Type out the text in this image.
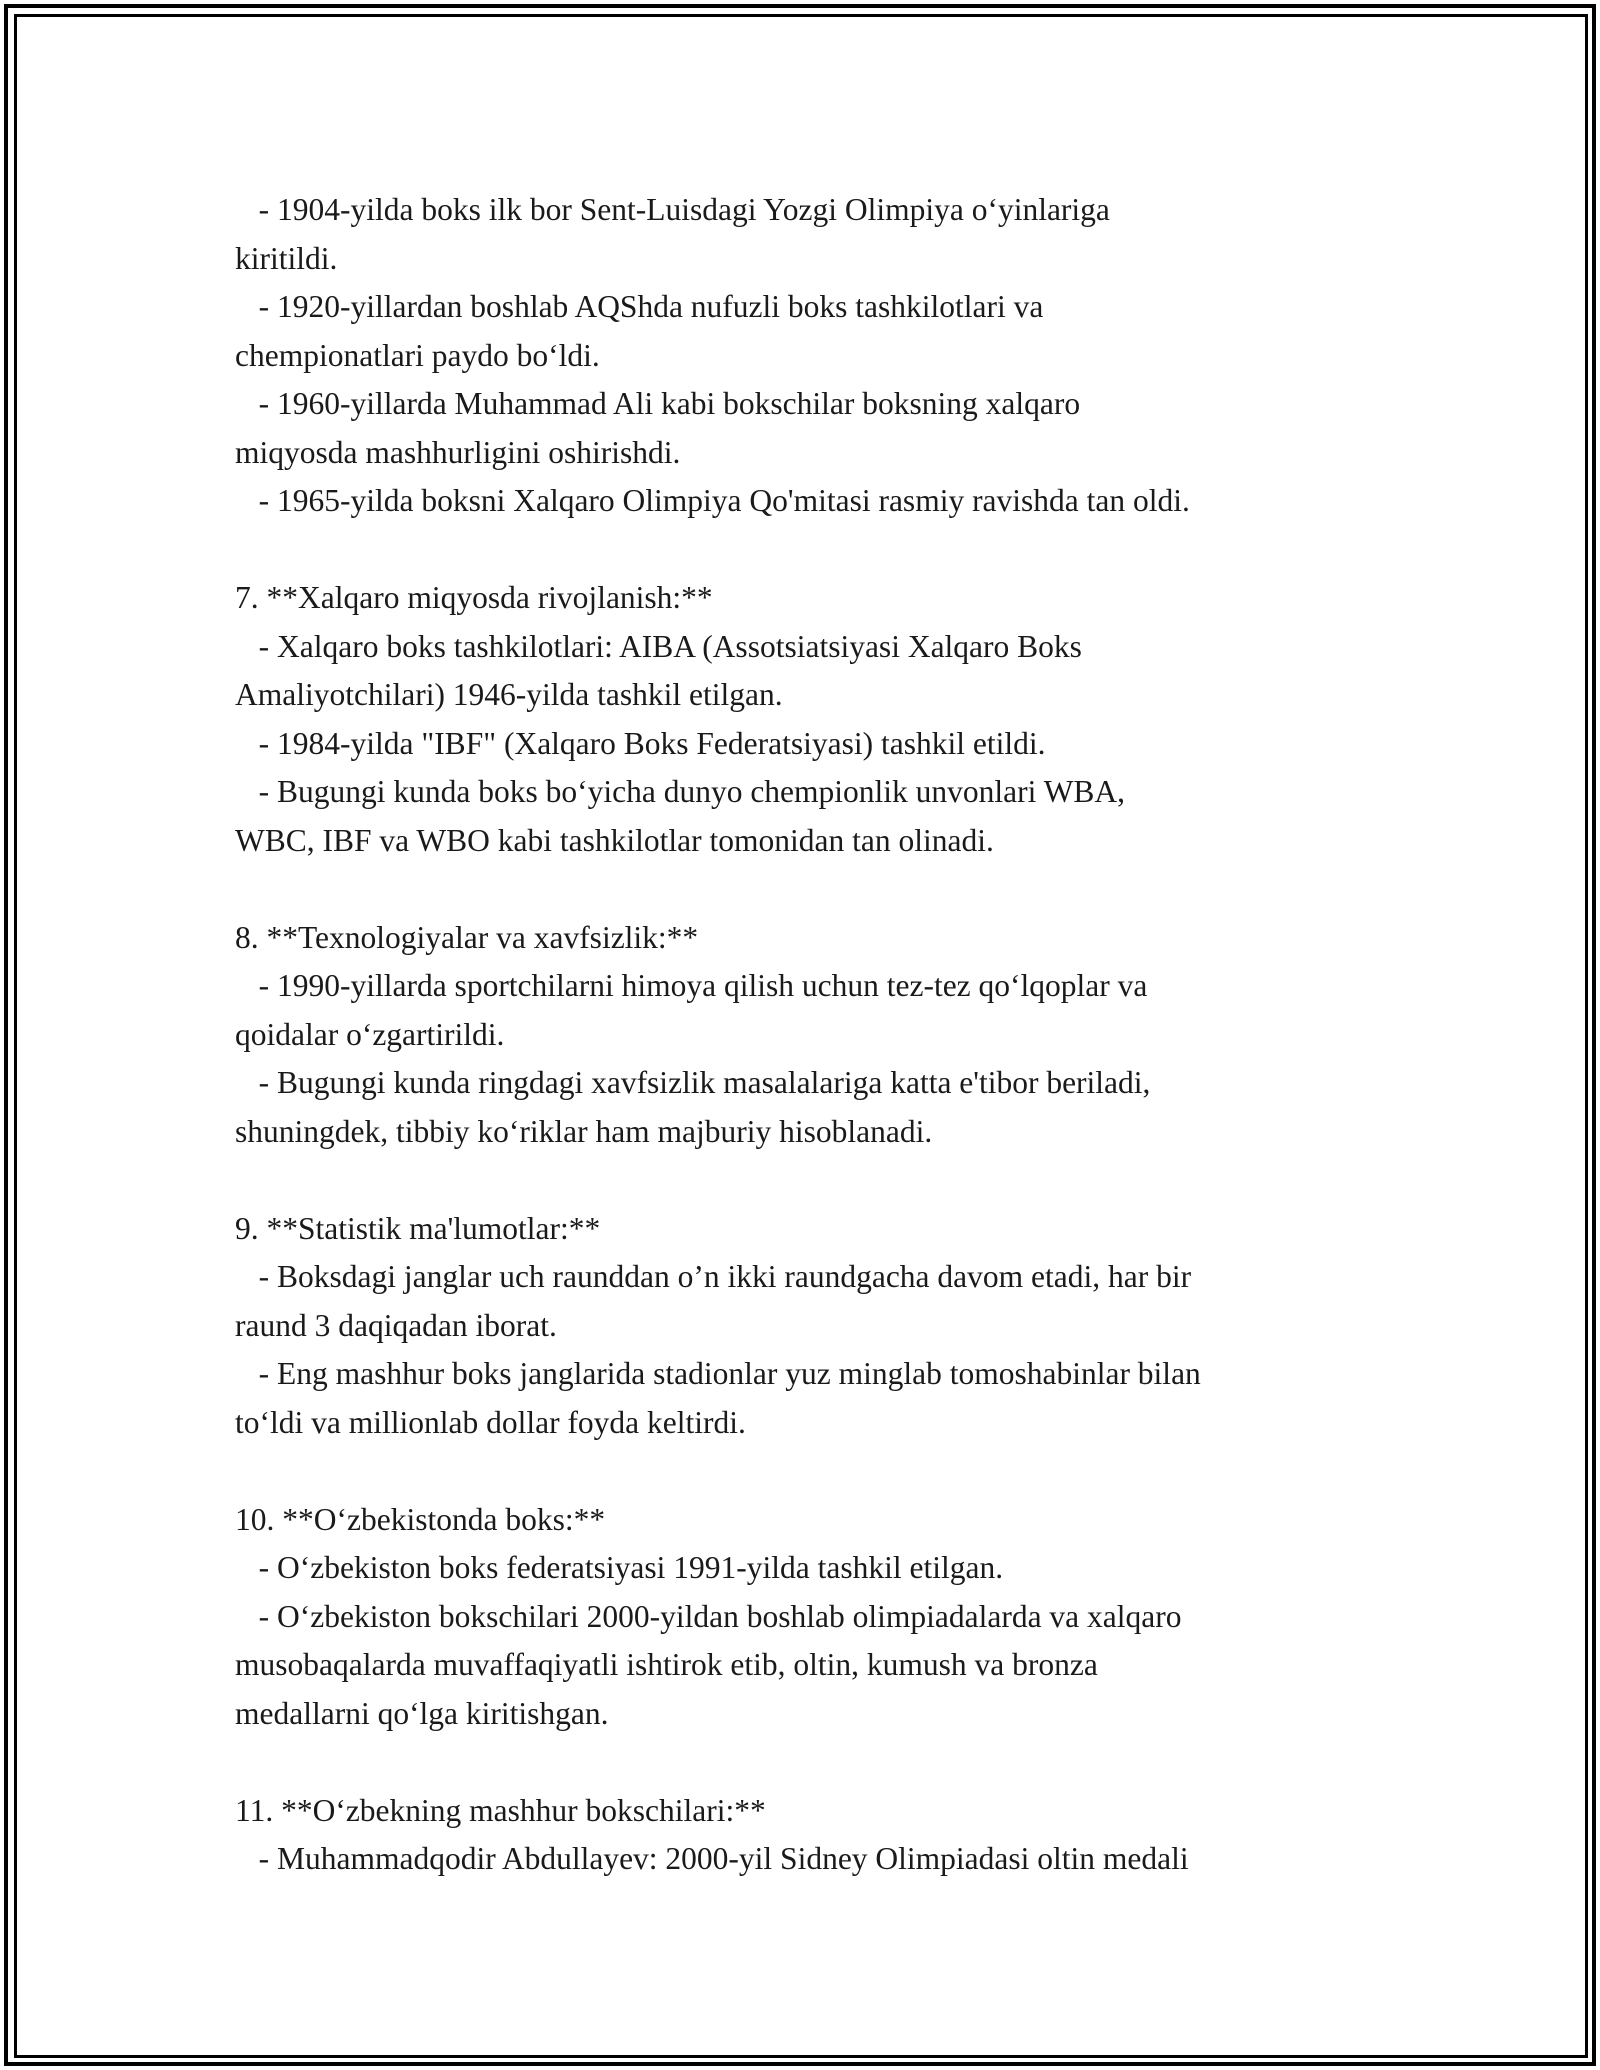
- 1904-yilda boks ilk bor Sent-Luisdagi Yozgi Olimpiya o‘yinlariga
kiritildi.
- 1920-yillardan boshlab AQShda nufuzli boks tashkilotlari va
chempionatlari paydo bo‘ldi.
- 1960-yillarda Muhammad Ali kabi bokschilar boksning xalqaro
miqyosda mashhurligini oshirishdi.
- 1965-yilda boksni Xalqaro Olimpiya Qo'mitasi rasmiy ravishda tan oldi.
7. **Xalqaro miqyosda rivojlanish:**
- Xalqaro boks tashkilotlari: AIBA (Assotsiatsiyasi Xalqaro Boks
Amaliyotchilari) 1946-yilda tashkil etilgan.
- 1984-yilda "IBF" (Xalqaro Boks Federatsiyasi) tashkil etildi.
- Bugungi kunda boks bo‘yicha dunyo chempionlik unvonlari WBA,
WBC, IBF va WBO kabi tashkilotlar tomonidan tan olinadi.
8. **Texnologiyalar va xavfsizlik:**
- 1990-yillarda sportchilarni himoya qilish uchun tez-tez qo‘lqoplar va
qoidalar o‘zgartirildi.
- Bugungi kunda ringdagi xavfsizlik masalalariga katta e'tibor beriladi,
shuningdek, tibbiy ko‘riklar ham majburiy hisoblanadi.
9. **Statistik ma'lumotlar:**
- Boksdagi janglar uch raunddan o’n ikki raundgacha davom etadi, har bir
raund 3 daqiqadan iborat.
- Eng mashhur boks janglarida stadionlar yuz minglab tomoshabinlar bilan
to‘ldi va millionlab dollar foyda keltirdi.
10. **O‘zbekistonda boks:**
- O‘zbekiston boks federatsiyasi 1991-yilda tashkil etilgan.
- O‘zbekiston bokschilari 2000-yildan boshlab olimpiadalarda va xalqaro
musobaqalarda muvaffaqiyatli ishtirok etib, oltin, kumush va bronza
medallarni qo‘lga kiritishgan.
11. **O‘zbekning mashhur bokschilari:**
- Muhammadqodir Abdullayev: 2000-yil Sidney Olimpiadasi oltin medali
